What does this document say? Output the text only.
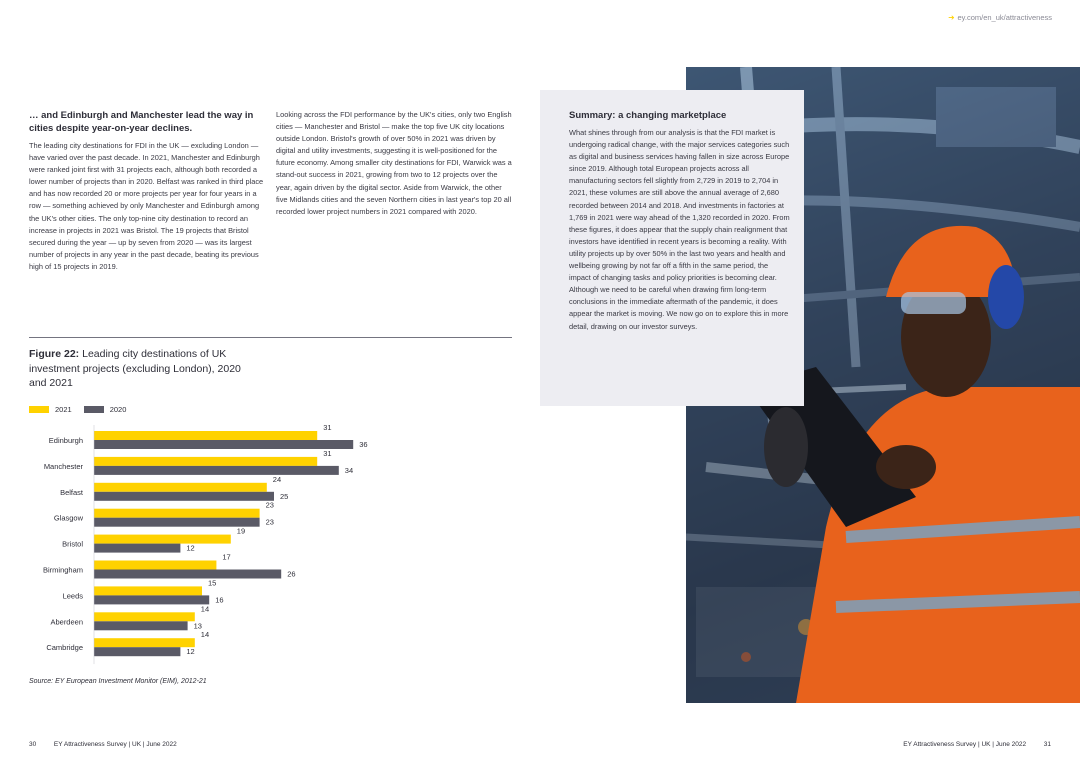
➔ ey.com/en_uk/attractiveness
… and Edinburgh and Manchester lead the way in cities despite year-on-year declines.
The leading city destinations for FDI in the UK — excluding London — have varied over the past decade. In 2021, Manchester and Edinburgh were ranked joint first with 31 projects each, although both recorded a lower number of projects than in 2020. Belfast was ranked in third place and has now recorded 20 or more projects per year for four years in a row — something achieved by only Manchester and Edinburgh among the UK's other cities. The only top-nine city destination to record an increase in projects in 2021 was Bristol. The 19 projects that Bristol secured during the year — up by seven from 2020 — was its largest number of projects in any year in the past decade, beating its previous high of 15 projects in 2019.
Looking across the FDI performance by the UK's cities, only two English cities — Manchester and Bristol — make the top five UK city locations outside London. Bristol's growth of over 50% in 2021 was driven by digital and utility investments, suggesting it is well-positioned for the future economy. Among smaller city destinations for FDI, Warwick was a stand-out success in 2021, growing from two to 12 projects over the year, again driven by the digital sector. Aside from Warwick, the other five Midlands cities and the seven Northern cities in last year's top 20 all recorded lower project numbers in 2021 compared with 2020.
Figure 22: Leading city destinations of UK investment projects (excluding London), 2020 and 2021
2021	2020
Edinburgh
31
36
Manchester
31
34
Belfast
24
25
Glasgow
23
23
Bristol
19
12
Birmingham
17
26
Leeds
15
16
Aberdeen
14
13
Cambridge
14
12
Source: EY European Investment Monitor (EIM), 2012-21
Summary: a changing marketplace
What shines through from our analysis is that the FDI market is undergoing radical change, with the major services categories such as digital and business services having fallen in size across Europe since 2019. Although total European projects across all manufacturing sectors fell slightly from 2,729 in 2019 to 2,704 in 2021, these volumes are still above the annual average of 2,680 recorded between 2014 and 2018. And investments in factories at 1,769 in 2021 were way ahead of the 1,320 recorded in 2020. From these figures, it does appear that the supply chain realignment that investors have identified in recent years is becoming a reality. With utility projects up by over 50% in the last two years and health and wellbeing growing by not far off a fifth in the same period, the impact of changing tasks and policy priorities is becoming clear. Although we need to be careful when drawing firm long-term conclusions in the immediate aftermath of the pandemic, it does appear the market is moving. We now go on to explore this in more detail, drawing on our investor surveys.
30	EY Attractiveness Survey | UK | June 2022	EY Attractiveness Survey | UK | June 2022	31
